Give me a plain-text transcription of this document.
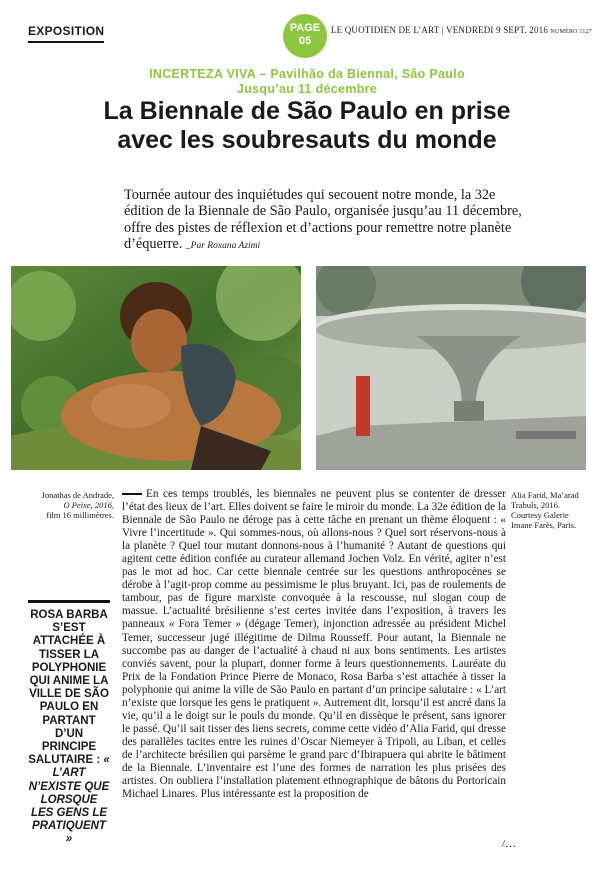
EXPOSITION	PAGE
05
LE QUOTIDIEN DE L’ART | VENDREDI 9 SEPT. 2016 NUMÉRO 1127
INCERTEZA VIVA – Pavilhão da Biennal, São Paulo
Jusqu’au 11 décembre
La Biennale de São Paulo en prise avec les soubresauts du monde

Tournée autour des inquiétudes qui secouent notre monde, la 32e édition de la Biennale de São Paulo, organisée jusqu’au 11 décembre, offre des pistes de réflexion et d’actions pour remettre notre planète d’équerre. _Par Roxana Azimi

Jonathas de Andrade,
O Peixe, 2016,
film 16 millimètres.
Alia Farid, Ma’arad
Trabuls, 2016.
Courtesy Galerie
Imane Farès, Paris.
ROSA BARBA S’EST ATTACHÉE À TISSER LA POLYPHONIE QUI ANIME LA VILLE DE SÃO PAULO EN PARTANT D’UN PRINCIPE SALUTAIRE : « L’ART N’EXISTE QUE LORSQUE LES GENS LE PRATIQUENT »

En ces temps troublés, les biennales ne peuvent plus se contenter de dresser l’état des lieux de l’art. Elles doivent se faire le miroir du monde. La 32e édition de la Biennale de São Paulo ne déroge pas à cette tâche en prenant un thème éloquent : « Vivre l’incertitude ». Qui sommes-nous, où allons-nous ? Quel sort réservons-nous à la planète ? Quel tour mutant donnons-nous à l’humanité ? Autant de questions qui agitent cette édition confiée au curateur allemand Jochen Volz. En vérité, agiter n’est pas le mot ad hoc. Car cette biennale centrée sur les questions anthropocènes se dérobe à l’agit-prop comme au pessimisme le plus bruyant. Ici, pas de roulements de tambour, pas de figure marxiste convoquée à la rescousse, nul slogan coup de massue. L’actualité brésilienne s’est certes invitée dans l’exposition, à travers les panneaux « Fora Temer » (dégage Temer), injonction adressée au président Michel Temer, successeur jugé illégitime de Dilma Rousseff. Pour autant, la Biennale ne succombe pas au danger de l’actualité à chaud ni aux bons sentiments. Les artistes conviés savent, pour la plupart, donner forme à leurs questionnements. Lauréate du Prix de la Fondation Prince Pierre de Monaco, Rosa Barba s’est attachée à tisser la polyphonie qui anime la ville de São Paulo en partant d’un principe salutaire : « L’art n’existe que lorsque les gens le pratiquent ». Autrement dit, lorsqu’il est ancré dans la vie, qu’il a le doigt sur le pouls du monde. Qu’il en dissèque le présent, sans ignorer le passé. Qu’il sait tisser des liens secrets, comme cette vidéo d’Alia Farid, qui dresse des parallèles tacites entre les ruines d’Oscar Niemeyer à Tripoli, au Liban, et celles de l’architecte brésilien qui parsème le grand parc d’Ibirapuera qui abrite le bâtiment de la Biennale. L’inventaire est l’une des formes de narration les plus prisées des artistes. On oubliera l’installation platement ethnographique de bâtons du Portoricain Michael Linares. Plus intéressante est la proposition de

/…
